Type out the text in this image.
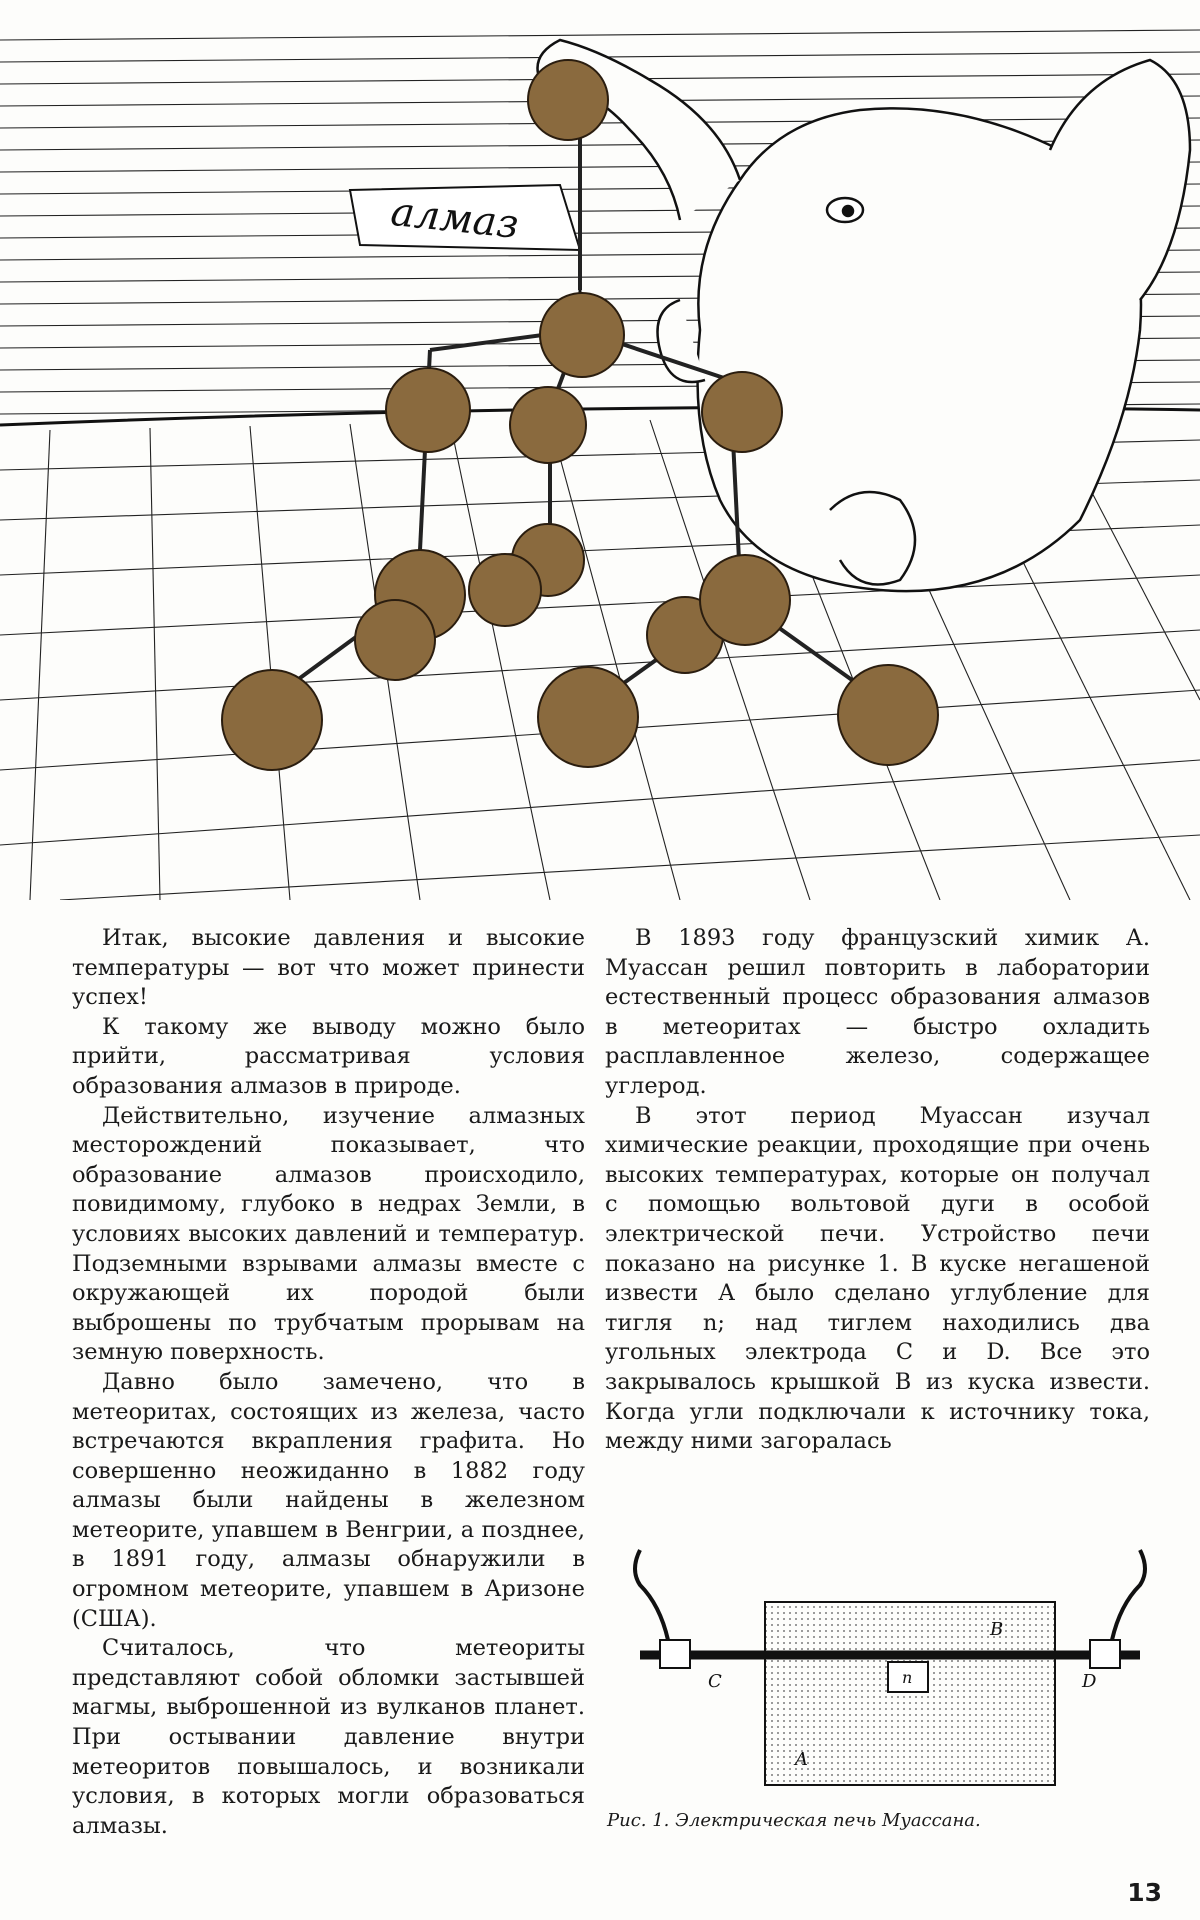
алмаз

Итак, высокие давления и высокие температуры — вот что может принести успех!

К такому же выводу можно было прийти, рассматривая условия образования алмазов в природе.

Действительно, изучение алмазных месторождений показывает, что образование алмазов происходило, повидимому, глубоко в недрах Земли, в условиях высоких давлений и температур. Подземными взрывами алмазы вместе с окружающей их породой были выброшены по трубчатым прорывам на земную поверхность.

Давно было замечено, что в метеоритах, состоящих из железа, часто встречаются вкрапления графита. Но совершенно неожиданно в 1882 году алмазы были найдены в железном метеорите, упавшем в Венгрии, а позднее, в 1891 году, алмазы обнаружили в огромном метеорите, упавшем в Аризоне (США).

Считалось, что метеориты представляют собой обломки застывшей магмы, выброшенной из вулканов планет. При остывании давление внутри метеоритов повышалось, и возникали условия, в которых могли образоваться алмазы.

В 1893 году французский химик А. Муассан решил повторить в лаборатории естественный процесс образования алмазов в метеоритах — быстро охладить расплавленное железо, содержащее углерод.

В этот период Муассан изучал химические реакции, проходящие при очень высоких температурах, которые он получал с помощью вольтовой дуги в особой электрической печи. Устройство печи показано на рисунке 1. В куске негашеной извести A было сделано углубление для тигля n; над тиглем находились два угольных электрода C и D. Все это закрывалось крышкой B из куска извести. Когда угли подключали к источнику тока, между ними загоралась

B
A
n
C	D
Рис. 1. Электрическая печь Муассана.
13
